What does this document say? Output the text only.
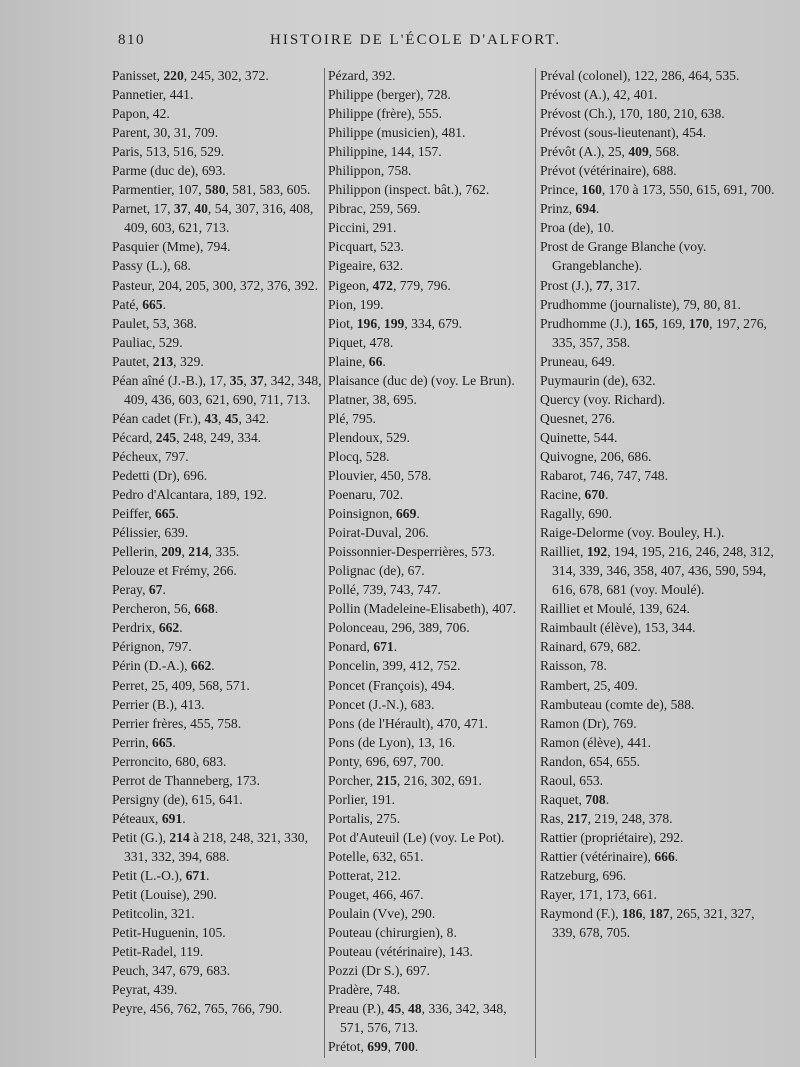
810	HISTOIRE DE L'ÉCOLE D'ALFORT.
Panisset, 220, 245, 302, 372.
Pannetier, 441.
Papon, 42.
Parent, 30, 31, 709.
Paris, 513, 516, 529.
Parme (duc de), 693.
Parmentier, 107, 580, 581, 583, 605.
Parnet, 17, 37, 40, 54, 307, 316, 408, 409, 603, 621, 713.
Pasquier (Mme), 794.
Passy (L.), 68.
Pasteur, 204, 205, 300, 372, 376, 392.
Paté, 665.
Paulet, 53, 368.
Pauliac, 529.
Pautet, 213, 329.
Péan aîné (J.-B.), 17, 35, 37, 342, 348, 409, 436, 603, 621, 690, 711, 713.
Péan cadet (Fr.), 43, 45, 342.
Pécard, 245, 248, 249, 334.
Pécheux, 797.
Pedetti (Dr), 696.
Pedro d'Alcantara, 189, 192.
Peiffer, 665.
Pélissier, 639.
Pellerin, 209, 214, 335.
Pelouze et Frémy, 266.
Peray, 67.
Percheron, 56, 668.
Perdrix, 662.
Pérignon, 797.
Périn (D.-A.), 662.
Perret, 25, 409, 568, 571.
Perrier (B.), 413.
Perrier frères, 455, 758.
Perrin, 665.
Perroncito, 680, 683.
Perrot de Thanneberg, 173.
Persigny (de), 615, 641.
Péteaux, 691.
Petit (G.), 214 à 218, 248, 321, 330, 331, 332, 394, 688.
Petit (L.-O.), 671.
Petit (Louise), 290.
Petitcolin, 321.
Petit-Huguenin, 105.
Petit-Radel, 119.
Peuch, 347, 679, 683.
Peyrat, 439.
Peyre, 456, 762, 765, 766, 790.
Pézard, 392.
Philippe (berger), 728.
Philippe (frère), 555.
Philippe (musicien), 481.
Philippine, 144, 157.
Philippon, 758.
Philippon (inspect. bât.), 762.
Pibrac, 259, 569.
Piccini, 291.
Picquart, 523.
Pigeaire, 632.
Pigeon, 472, 779, 796.
Pion, 199.
Piot, 196, 199, 334, 679.
Piquet, 478.
Plaine, 66.
Plaisance (duc de) (voy. Le Brun).
Platner, 38, 695.
Plé, 795.
Plendoux, 529.
Plocq, 528.
Plouvier, 450, 578.
Poenaru, 702.
Poinsignon, 669.
Poirat-Duval, 206.
Poissonnier-Desperrières, 573.
Polignac (de), 67.
Pollé, 739, 743, 747.
Pollin (Madeleine-Elisabeth), 407.
Polonceau, 296, 389, 706.
Ponard, 671.
Poncelin, 399, 412, 752.
Poncet (François), 494.
Poncet (J.-N.), 683.
Pons (de l'Hérault), 470, 471.
Pons (de Lyon), 13, 16.
Ponty, 696, 697, 700.
Porcher, 215, 216, 302, 691.
Porlier, 191.
Portalis, 275.
Pot d'Auteuil (Le) (voy. Le Pot).
Potelle, 632, 651.
Potterat, 212.
Pouget, 466, 467.
Poulain (Vve), 290.
Pouteau (chirurgien), 8.
Pouteau (vétérinaire), 143.
Pozzi (Dr S.), 697.
Pradère, 748.
Preau (P.), 45, 48, 336, 342, 348, 571, 576, 713.
Prétot, 699, 700.
Préval (colonel), 122, 286, 464, 535.
Prévost (A.), 42, 401.
Prévost (Ch.), 170, 180, 210, 638.
Prévost (sous-lieutenant), 454.
Prévôt (A.), 25, 409, 568.
Prévot (vétérinaire), 688.
Prince, 160, 170 à 173, 550, 615, 691, 700.
Prinz, 694.
Proa (de), 10.
Prost de Grange Blanche (voy. Grangeblanche).
Prost (J.), 77, 317.
Prudhomme (journaliste), 79, 80, 81.
Prudhomme (J.), 165, 169, 170, 197, 276, 335, 357, 358.
Pruneau, 649.
Puymaurin (de), 632.
Quercy (voy. Richard).
Quesnet, 276.
Quinette, 544.
Quivogne, 206, 686.
Rabarot, 746, 747, 748.
Racine, 670.
Ragally, 690.
Raige-Delorme (voy. Bouley, H.).
Railliet, 192, 194, 195, 216, 246, 248, 312, 314, 339, 346, 358, 407, 436, 590, 594, 616, 678, 681 (voy. Moulé).
Railliet et Moulé, 139, 624.
Raimbault (élève), 153, 344.
Rainard, 679, 682.
Raisson, 78.
Rambert, 25, 409.
Rambuteau (comte de), 588.
Ramon (Dr), 769.
Ramon (élève), 441.
Randon, 654, 655.
Raoul, 653.
Raquet, 708.
Ras, 217, 219, 248, 378.
Rattier (propriétaire), 292.
Rattier (vétérinaire), 666.
Ratzeburg, 696.
Rayer, 171, 173, 661.
Raymond (F.), 186, 187, 265, 321, 327, 339, 678, 705.
